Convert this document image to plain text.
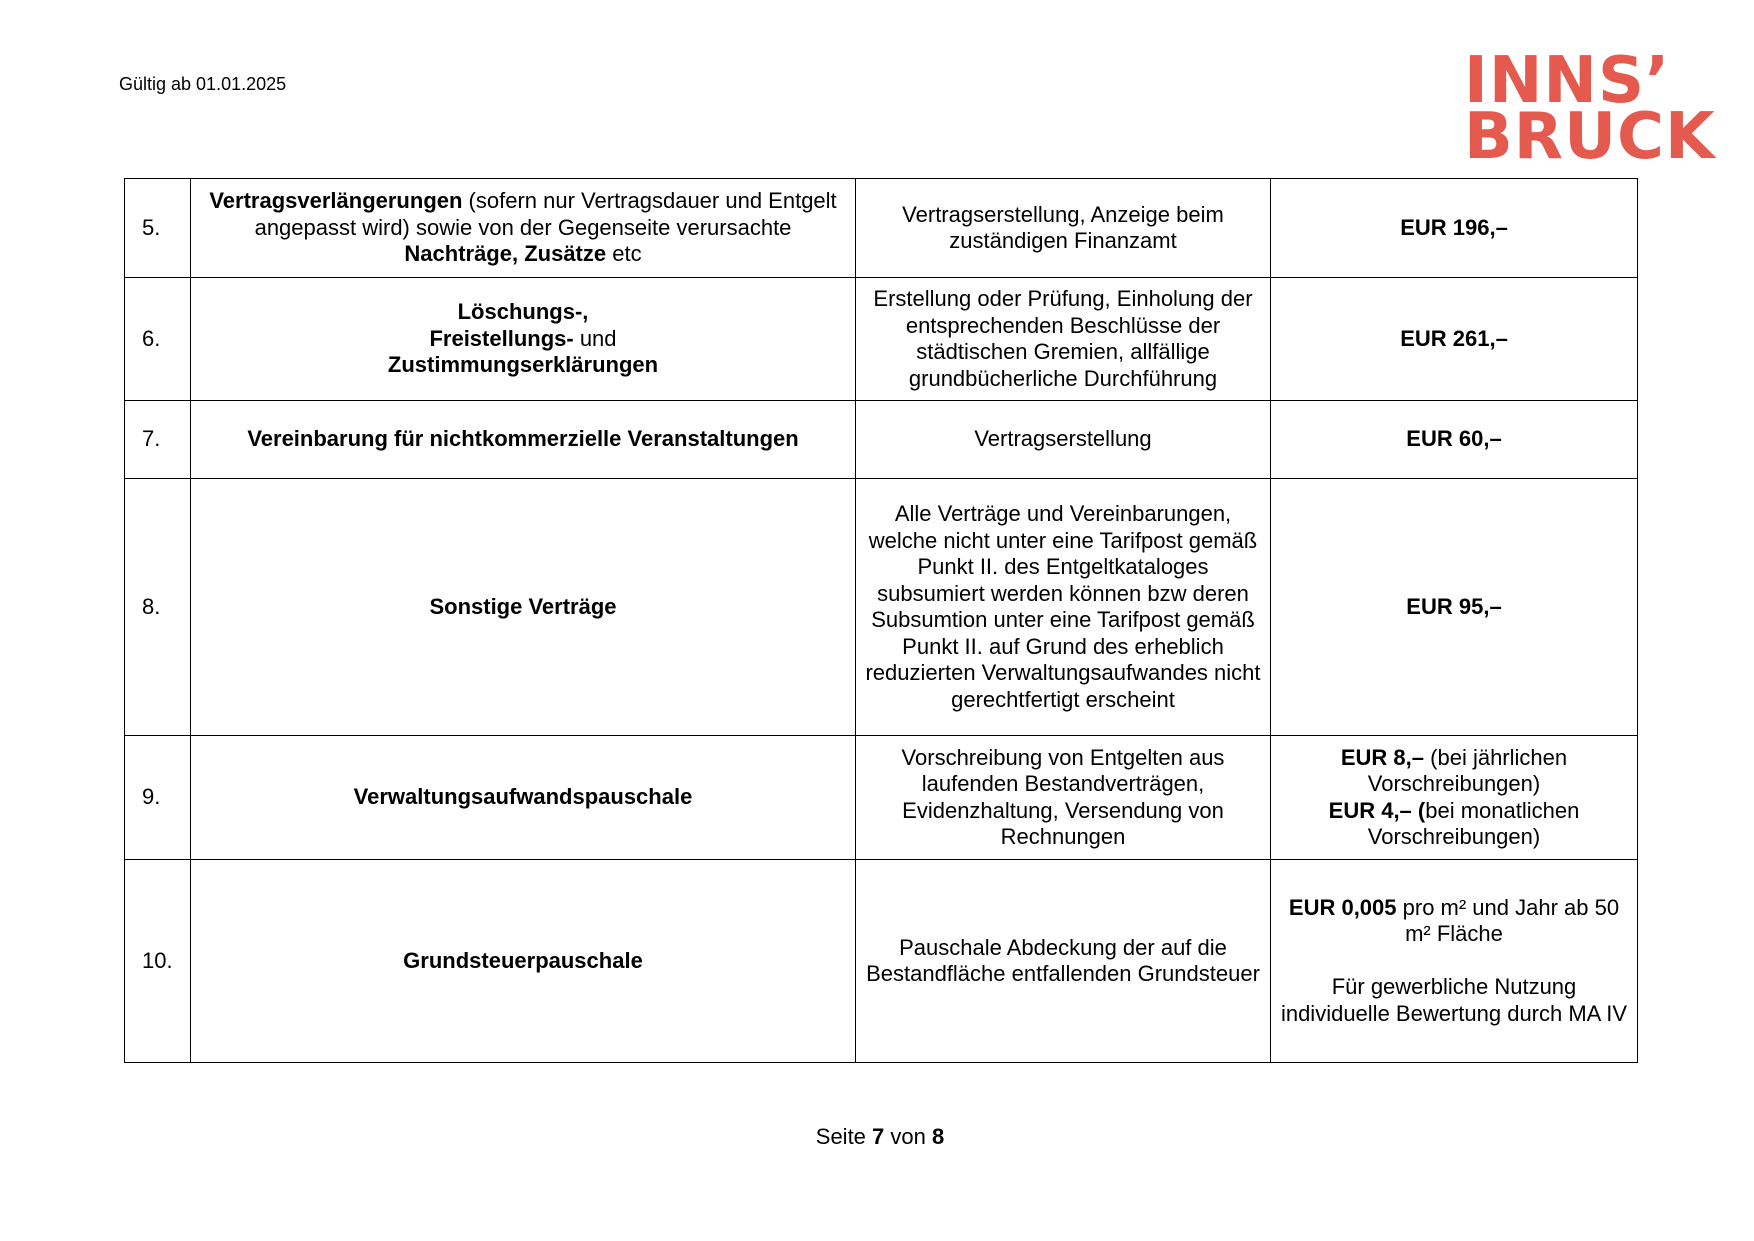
Gültig ab 01.01.2025	INNS’
BRUCK
5.	Vertragsverlängerungen (sofern nur Vertragsdauer und Entgelt angepasst wird) sowie von der Gegenseite verursachte Nachträge, Zusätze etc	Vertragserstellung, Anzeige beim zuständigen Finanzamt	EUR 196,–
6.	Löschungs-,
Freistellungs- und
Zustimmungserklärungen	Erstellung oder Prüfung, Einholung der entsprechenden Beschlüsse der städtischen Gremien, allfällige grundbücherliche Durchführung	EUR 261,–
7.	Vereinbarung für nichtkommerzielle Veranstaltungen	Vertragserstellung	EUR 60,–
8.	Sonstige Verträge	Alle Verträge und Vereinbarungen, welche nicht unter eine Tarifpost gemäß Punkt II. des Entgeltkataloges subsumiert werden können bzw deren Subsumtion unter eine Tarifpost gemäß Punkt II. auf Grund des erheblich reduzierten Verwaltungsaufwandes nicht gerechtfertigt erscheint	EUR 95,–
9.	Verwaltungsaufwandspauschale	Vorschreibung von Entgelten aus laufenden Bestandverträgen, Evidenzhaltung, Versendung von Rechnungen	EUR 8,– (bei jährlichen Vorschreibungen)
EUR 4,– (bei monatlichen Vorschreibungen)

10.	Grundsteuerpauschale	Pauschale Abdeckung der auf die Bestandfläche entfallenden Grundsteuer	EUR 0,005 pro m² und Jahr ab 50 m² Fläche
Für gewerbliche Nutzung individuelle Bewertung durch MA IV
Seite 7 von 8
